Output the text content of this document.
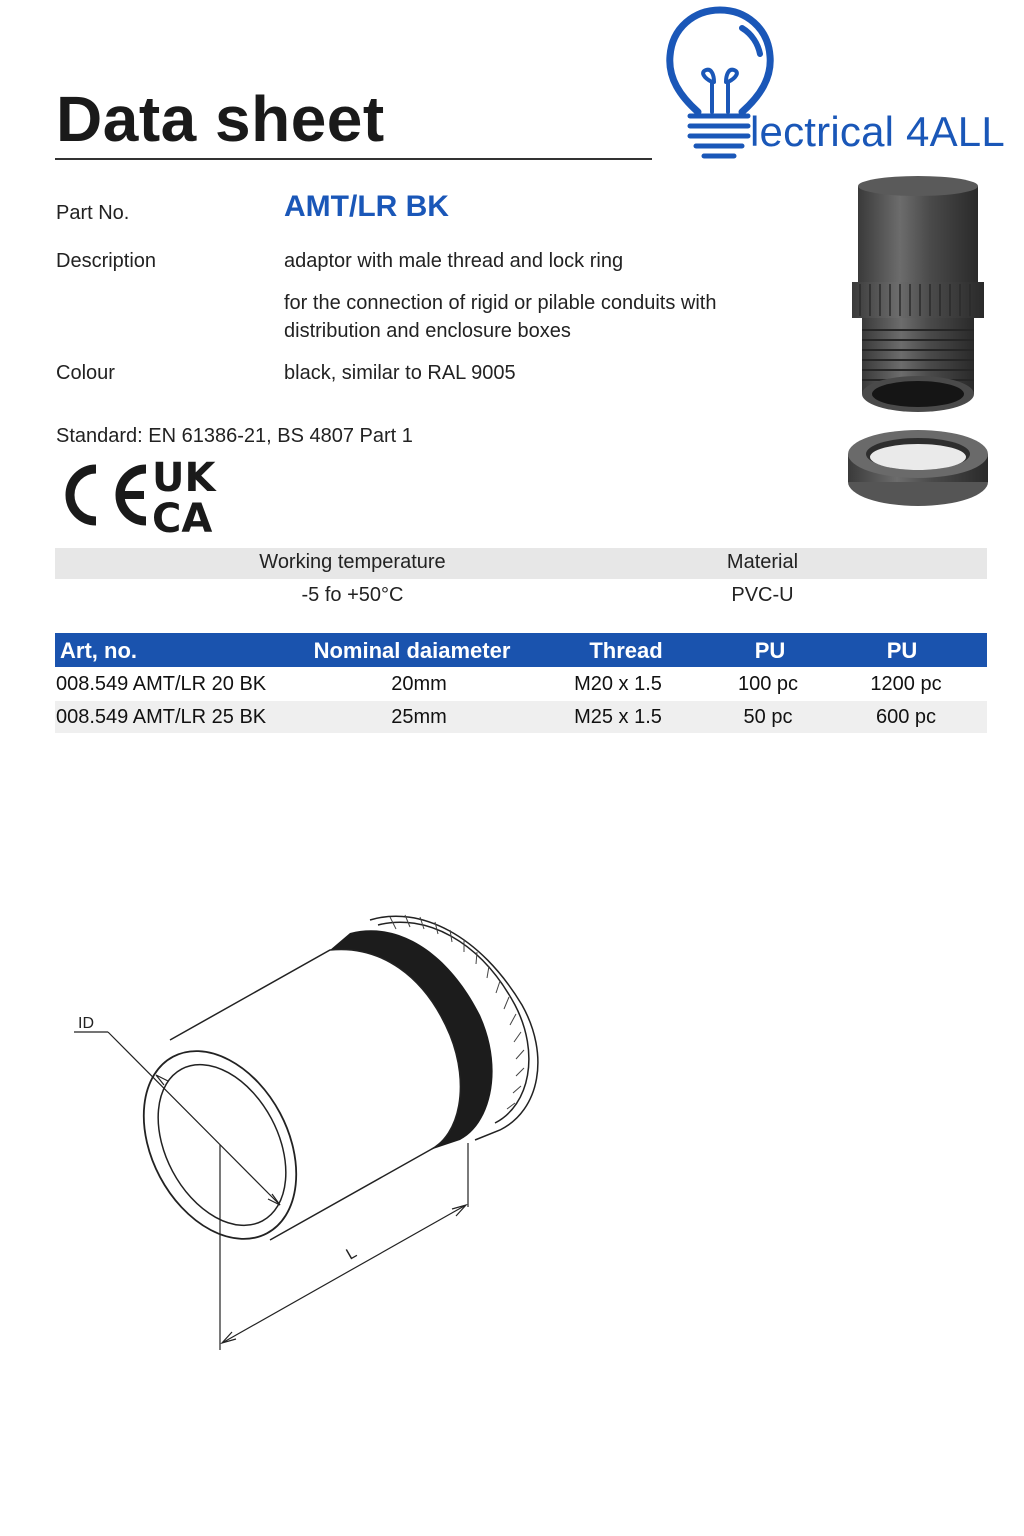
Data sheet	lectrical 4ALL
Part No.	AMT/LR BK
Description	adaptor with male thread and lock ring
for the connection of rigid or pilable conduits with
distribution and enclosure boxes
Colour	black, similar to RAL 9005
Standard: EN 61386-21, BS 4807 Part 1
UK
CA
Working temperature	Material
-5 fo +50°C	PVC-U
Art, no.	Nominal daiameter	Thread	PU	PU
008.549 AMT/LR 20 BK	20mm	M20 x 1.5	100 pc	1200 pc
008.549 AMT/LR 25 BK	25mm	M25 x 1.5	50 pc	600 pc
ID
L
